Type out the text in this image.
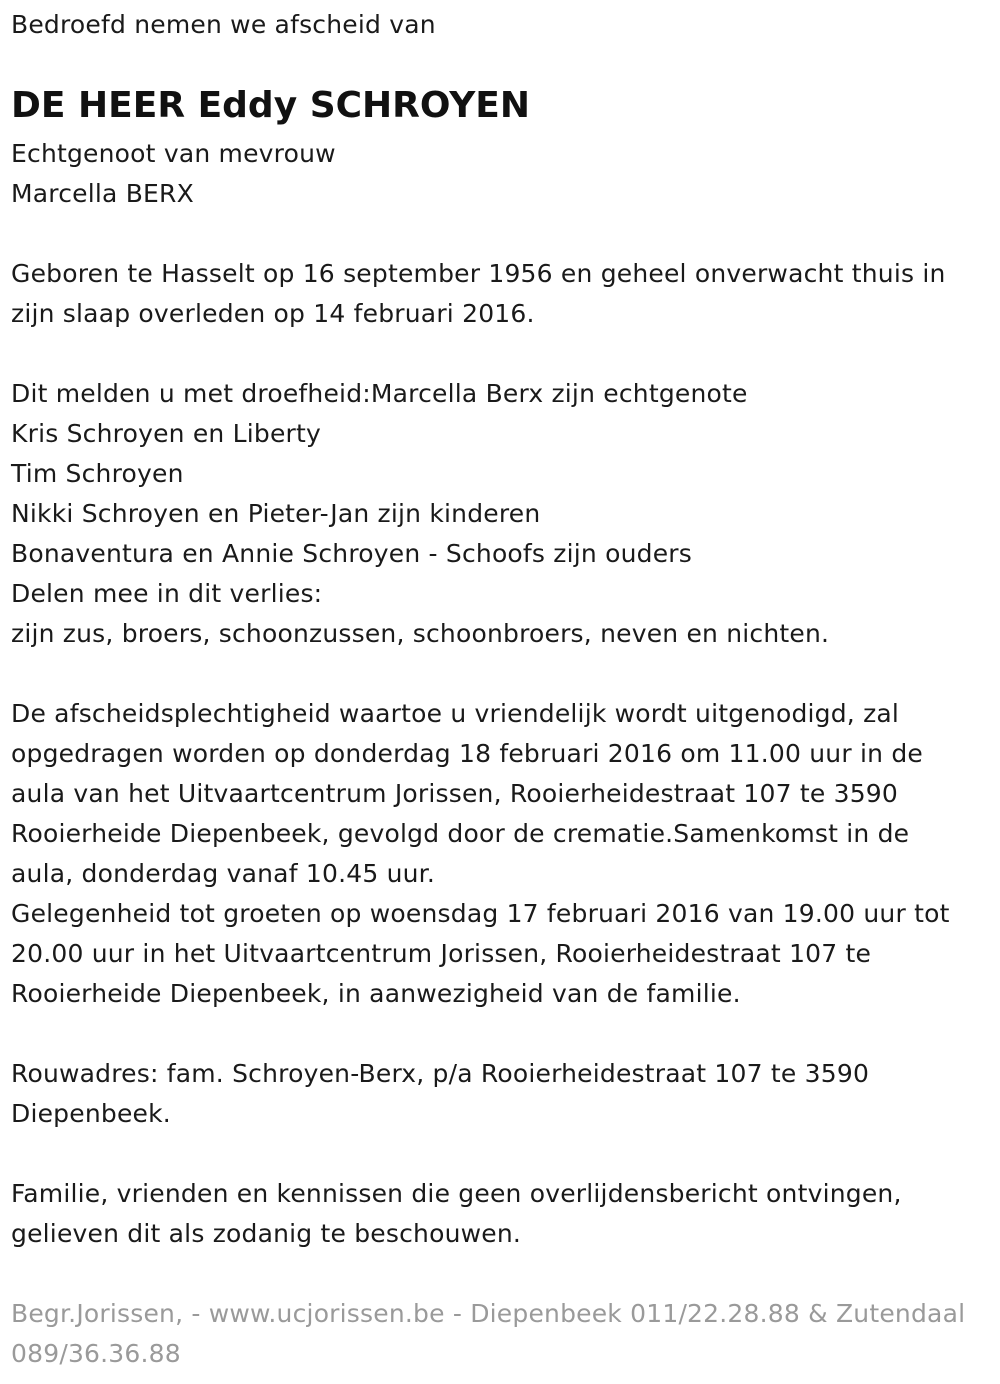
Bedroefd nemen we afscheid van
DE HEER Eddy SCHROYEN
Echtgenoot van mevrouw
Marcella BERX
Geboren te Hasselt op 16 september 1956 en geheel onverwacht thuis in
zijn slaap overleden op 14 februari 2016.
Dit melden u met droefheid:Marcella Berx zijn echtgenote
Kris Schroyen en Liberty
Tim Schroyen
Nikki Schroyen en Pieter-Jan zijn kinderen
Bonaventura en Annie Schroyen - Schoofs zijn ouders
Delen mee in dit verlies:
zijn zus, broers, schoonzussen, schoonbroers, neven en nichten.
De afscheidsplechtigheid waartoe u vriendelijk wordt uitgenodigd, zal
opgedragen worden op donderdag 18 februari 2016 om 11.00 uur in de
aula van het Uitvaartcentrum Jorissen, Rooierheidestraat 107 te 3590
Rooierheide Diepenbeek, gevolgd door de crematie.Samenkomst in de
aula, donderdag vanaf 10.45 uur.
Gelegenheid tot groeten op woensdag 17 februari 2016 van 19.00 uur tot
20.00 uur in het Uitvaartcentrum Jorissen, Rooierheidestraat 107 te
Rooierheide Diepenbeek, in aanwezigheid van de familie.
Rouwadres: fam. Schroyen-Berx, p/a Rooierheidestraat 107 te 3590
Diepenbeek.
Familie, vrienden en kennissen die geen overlijdensbericht ontvingen,
gelieven dit als zodanig te beschouwen.
Begr.Jorissen, - www.ucjorissen.be - Diepenbeek 011/22.28.88 & Zutendaal
089/36.36.88
